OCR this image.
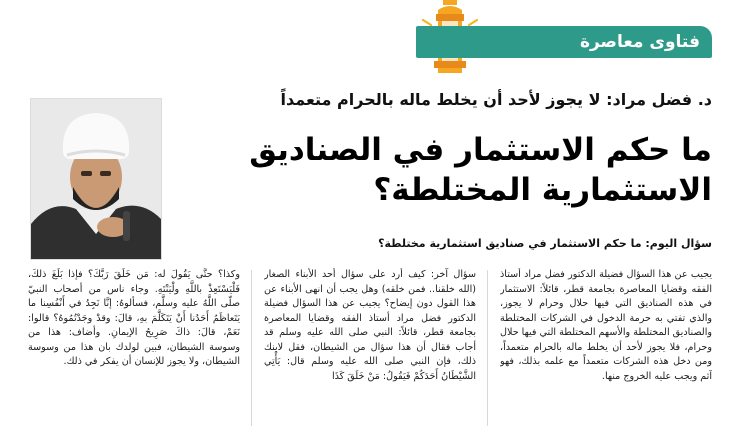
فتاوى معاصرة
د. فضل مراد: لا يجوز لأحد أن يخلط ماله بالحرام متعمداً
ما حكم الاستثمار في الصناديق
الاستثمارية المختلطة؟
سؤال اليوم: ما حكم الاستثمار في صناديق استثمارية مختلطة؟
يجيب عن هذا السؤال فضيلة الدكتور فضل مراد أستاذ الفقه وقضايا المعاصرة بجامعة قطر، قائلاً: الاستثمار في هذه الصناديق التي فيها حلال وحرام لا يجوز، والذي تفتي به حرمة الدخول في الشركات المختلطة والصناديق المختلطة والأسهم المختلطة التي فيها حلال وحرام، فلا يجوز لأحد أن يخلط ماله بالحرام متعمداً، ومن دخل هذه الشركات متعمداً مع علمه بذلك، فهو آثم ويجب عليه الخروج منها.
سؤال آخر: كيف أرد على سؤال أحد الأبناء الصغار (الله خلقنا.. فمن خلقه) وهل يجب أن انهى الأبناء عن هذا القول دون إيضاح؟ يجيب عن هذا السؤال فضيلة الدكتور فضل مراد أستاذ الفقه وقضايا المعاصرة بجامعة قطر، قائلاً: النبي صلى الله عليه وسلم قد أجاب فقال أن هذا سؤال من الشيطان، فقل لابنك ذلك، فإن النبي صلى الله عليه وسلم قال: يَأْتِي الشَّيْطَانُ أَحَدَكُمْ فَيَقُولُ: مَنْ خَلَقَ كَذَا
وكذا؟ حتَّى يَقُولَ له: مَن خَلَقَ رَبَّكَ؟ فإذا بَلَغَ ذلكَ، فَلْيَسْتَعِذْ باللَّهِ ولْيَنْتَهِ. وجاء ناس من أصحاب النبيّ صلّى اللَّهُ عليه وسلَّم، فسألوهُ: إنَّا نَجِدُ في أَنْفُسِنا ما يَتَعاظَمُ أَحَدُنا أَنْ يَتَكَلَّمَ بهِ، قالَ: وقدْ وجَدْتُمُوهُ؟ قالوا: نَعَمْ، قالَ: ذاكَ صَرِيحُ الإيمانِ. وأضاف: هذا من وسوسة الشيطان، فبين لولدك بان هذا من وسوسة الشيطان، ولا يجوز للإنسان أن يفكر في ذلك.
